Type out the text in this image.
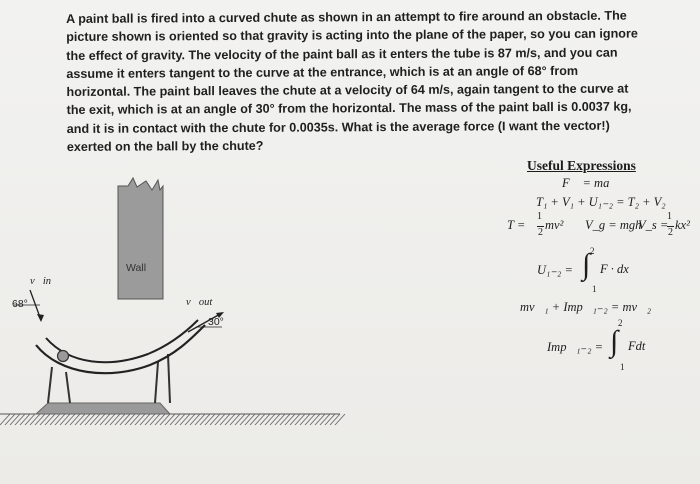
A paint ball is fired into a curved chute as shown in an attempt to fire around an obstacle. The
picture shown is oriented so that gravity is acting into the plane of the paper, so you can ignore
the effect of gravity. The velocity of the paint ball as it enters the tube is 87 m/s, and you can
assume it enters tangent to the curve at the entrance, which is at an angle of 68° from
horizontal. The paint ball leaves the chute at a velocity of 64 m/s, again tangent to the curve at
the exit, which is at an angle of 30° from the horizontal. The mass of the paint ball is 0.0037 kg,
and it is in contact with the chute for 0.0035s. What is the average force (I want the vector!)
exerted on the ball by the chute?
Wall
v⃗in
68°	v⃗out
30°
Useful Expressions
F⃗ = ma⃗
T₁ + V₁ + U₁₋₂ = T₂ + V₂
T =
1
2
mv² V_g = mgh
V_s =
1
2
kx²
2
U₁₋₂ = ∫ F · dx
1
mv⃗₁ + Imp⃗₁₋₂ = mv⃗₂
2
Imp⃗₁₋₂ = ∫ Fdt
1
